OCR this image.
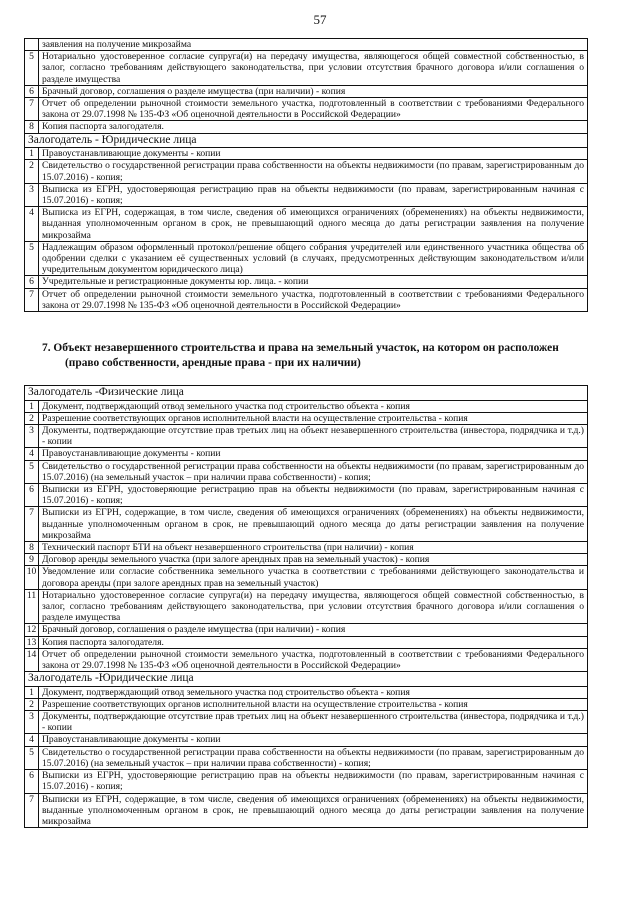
57
	заявления на получение микрозайма
5	Нотариально удостоверенное согласие супруга(и) на передачу имущества, являющегося общей совместной собственностью, в залог, согласно требованиям действующего законодательства, при условии отсутствия брачного договора и/или соглашения о разделе имущества
6	Брачный договор, соглашения о разделе имущества (при наличии) - копия
7	Отчет об определении рыночной стоимости земельного участка, подготовленный в соответствии с требованиями Федерального закона от 29.07.1998 № 135-ФЗ «Об оценочной деятельности в Российской Федерации»
8	Копия паспорта залогодателя.
Залогодатель - Юридические лица	
1	Правоустанавливающие документы - копии
2	Свидетельство о государственной регистрации права собственности на объекты недвижимости (по правам, зарегистрированным до 15.07.2016) - копия;
3	Выписка из ЕГРН, удостоверяющая регистрацию прав на объекты недвижимости (по правам, зарегистрированным начиная с 15.07.2016) - копия;
4	Выписка из ЕГРН, содержащая, в том числе, сведения об имеющихся ограничениях (обременениях) на объекты недвижимости, выданная уполномоченным органом в срок, не превышающий одного месяца до даты регистрации заявления на получение микрозайма
5	Надлежащим образом оформленный протокол/решение общего собрания учредителей или единственного участника общества об одобрении сделки с указанием её существенных условий (в случаях, предусмотренных действующим законодательством и/или учредительным документом юридического лица)
6	Учредительные и регистрационные документы юр. лица. - копии
7	Отчет об определении рыночной стоимости земельного участка, подготовленный в соответствии с требованиями Федерального закона от 29.07.1998 № 135-ФЗ «Об оценочной деятельности в Российской Федерации»
7. Объект незавершенного строительства и права на земельный участок, на котором он расположен
(право собственности, арендные права - при их наличии)
Залогодатель -Физические лица	
1	Документ, подтверждающий отвод земельного участка под строительство объекта - копия
2	Разрешение соответствующих органов исполнительной власти на осуществление строительства - копия
3	Документы, подтверждающие отсутствие прав третьих лиц на объект незавершенного строительства (инвестора, подрядчика и т.д.) - копии
4	Правоустанавливающие документы - копии
5	Свидетельство о государственной регистрации права собственности на объекты недвижимости (по правам, зарегистрированным до 15.07.2016) (на земельный участок – при наличии права собственности) - копия;
6	Выписки из ЕГРН, удостоверяющие регистрацию прав на объекты недвижимости (по правам, зарегистрированным начиная с 15.07.2016) - копия;
7	Выписки из ЕГРН, содержащие, в том числе, сведения об имеющихся ограничениях (обременениях) на объекты недвижимости, выданные уполномоченным органом в срок, не превышающий одного месяца до даты регистрации заявления на получение микрозайма
8	Технический паспорт БТИ на объект незавершенного строительства (при наличии) - копия
9	Договор аренды земельного участка (при залоге арендных прав на земельный участок) - копия
10	Уведомление или согласие собственника земельного участка в соответствии с требованиями действующего законодательства и договора аренды (при залоге арендных прав на земельный участок)
11	Нотариально удостоверенное согласие супруга(и) на передачу имущества, являющегося общей совместной собственностью, в залог, согласно требованиям действующего законодательства, при условии отсутствия брачного договора и/или соглашения о разделе имущества
12	Брачный договор, соглашения о разделе имущества (при наличии) - копия
13	Копия паспорта залогодателя.
14	Отчет об определении рыночной стоимости земельного участка, подготовленный в соответствии с требованиями Федерального закона от 29.07.1998 № 135-ФЗ «Об оценочной деятельности в Российской Федерации»
Залогодатель -Юридические лица	
1	Документ, подтверждающий отвод земельного участка под строительство объекта - копия
2	Разрешение соответствующих органов исполнительной власти на осуществление строительства - копия
3	Документы, подтверждающие отсутствие прав третьих лиц на объект незавершенного строительства (инвестора, подрядчика и т.д.) - копии
4	Правоустанавливающие документы - копии
5	Свидетельство о государственной регистрации права собственности на объекты недвижимости (по правам, зарегистрированным до 15.07.2016) (на земельный участок – при наличии права собственности) - копия;
6	Выписки из ЕГРН, удостоверяющие регистрацию прав на объекты недвижимости (по правам, зарегистрированным начиная с 15.07.2016) - копия;
7	Выписки из ЕГРН, содержащие, в том числе, сведения об имеющихся ограничениях (обременениях) на объекты недвижимости, выданные уполномоченным органом в срок, не превышающий одного месяца до даты регистрации заявления на получение микрозайма
